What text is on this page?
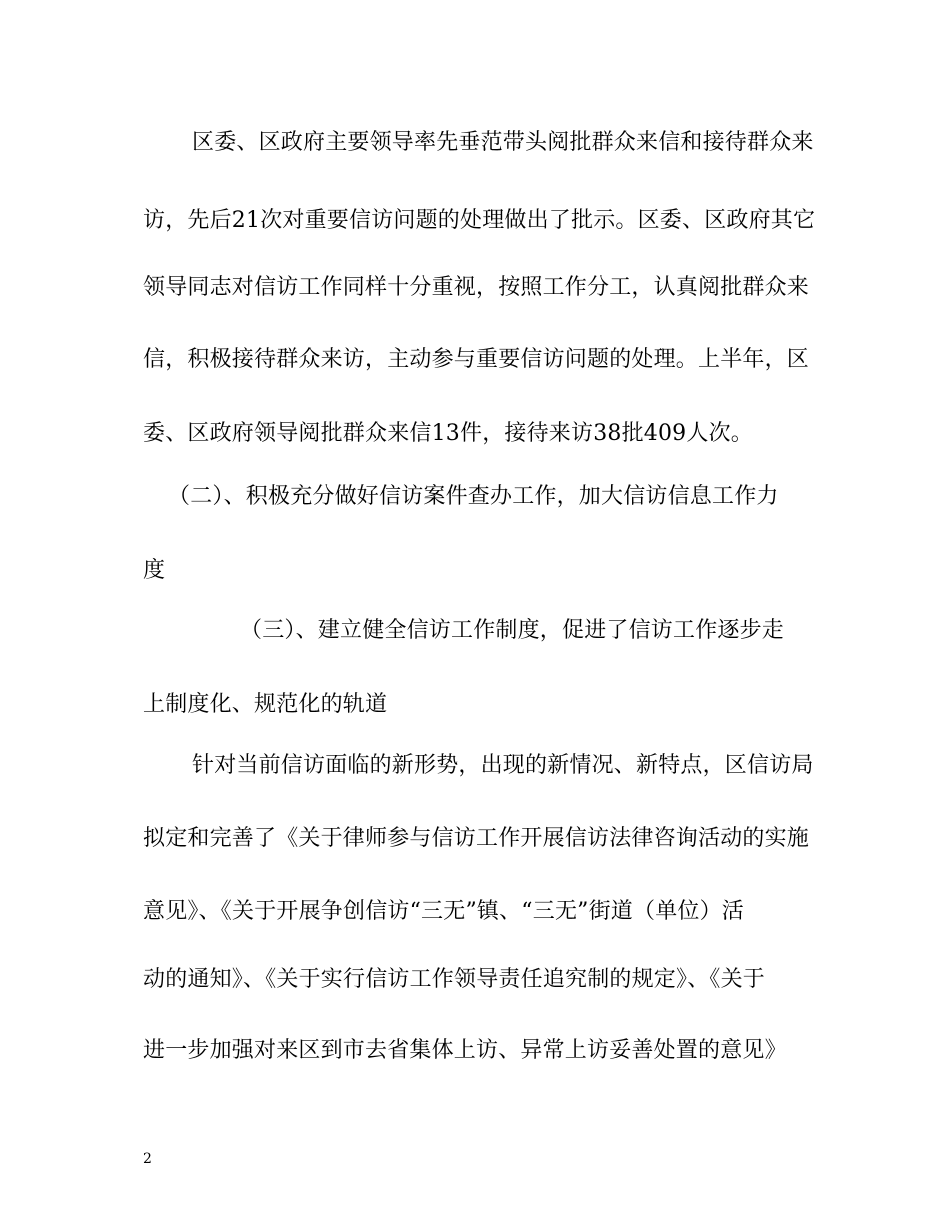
区委、区政府主要领导率先垂范带头阅批群众来信和接待群众来
访，先后21次对重要信访问题的处理做出了批示。区委、区政府其它
领导同志对信访工作同样十分重视，按照工作分工，认真阅批群众来
信，积极接待群众来访，主动参与重要信访问题的处理。上半年，区
委、区政府领导阅批群众来信13件，接待来访38批409人次。
（二）、积极充分做好信访案件查办工作，加大信访信息工作力
度
（三）、建立健全信访工作制度，促进了信访工作逐步走
上制度化、规范化的轨道
针对当前信访面临的新形势，出现的新情况、新特点，区信访局
拟定和完善了《关于律师参与信访工作开展信访法律咨询活动的实施
意见》、《关于开展争创信访“三无”镇、“三无”街道（单位）活
动的通知》、《关于实行信访工作领导责任追究制的规定》、《关于
进一步加强对来区到市去省集体上访、异常上访妥善处置的意见》
2
